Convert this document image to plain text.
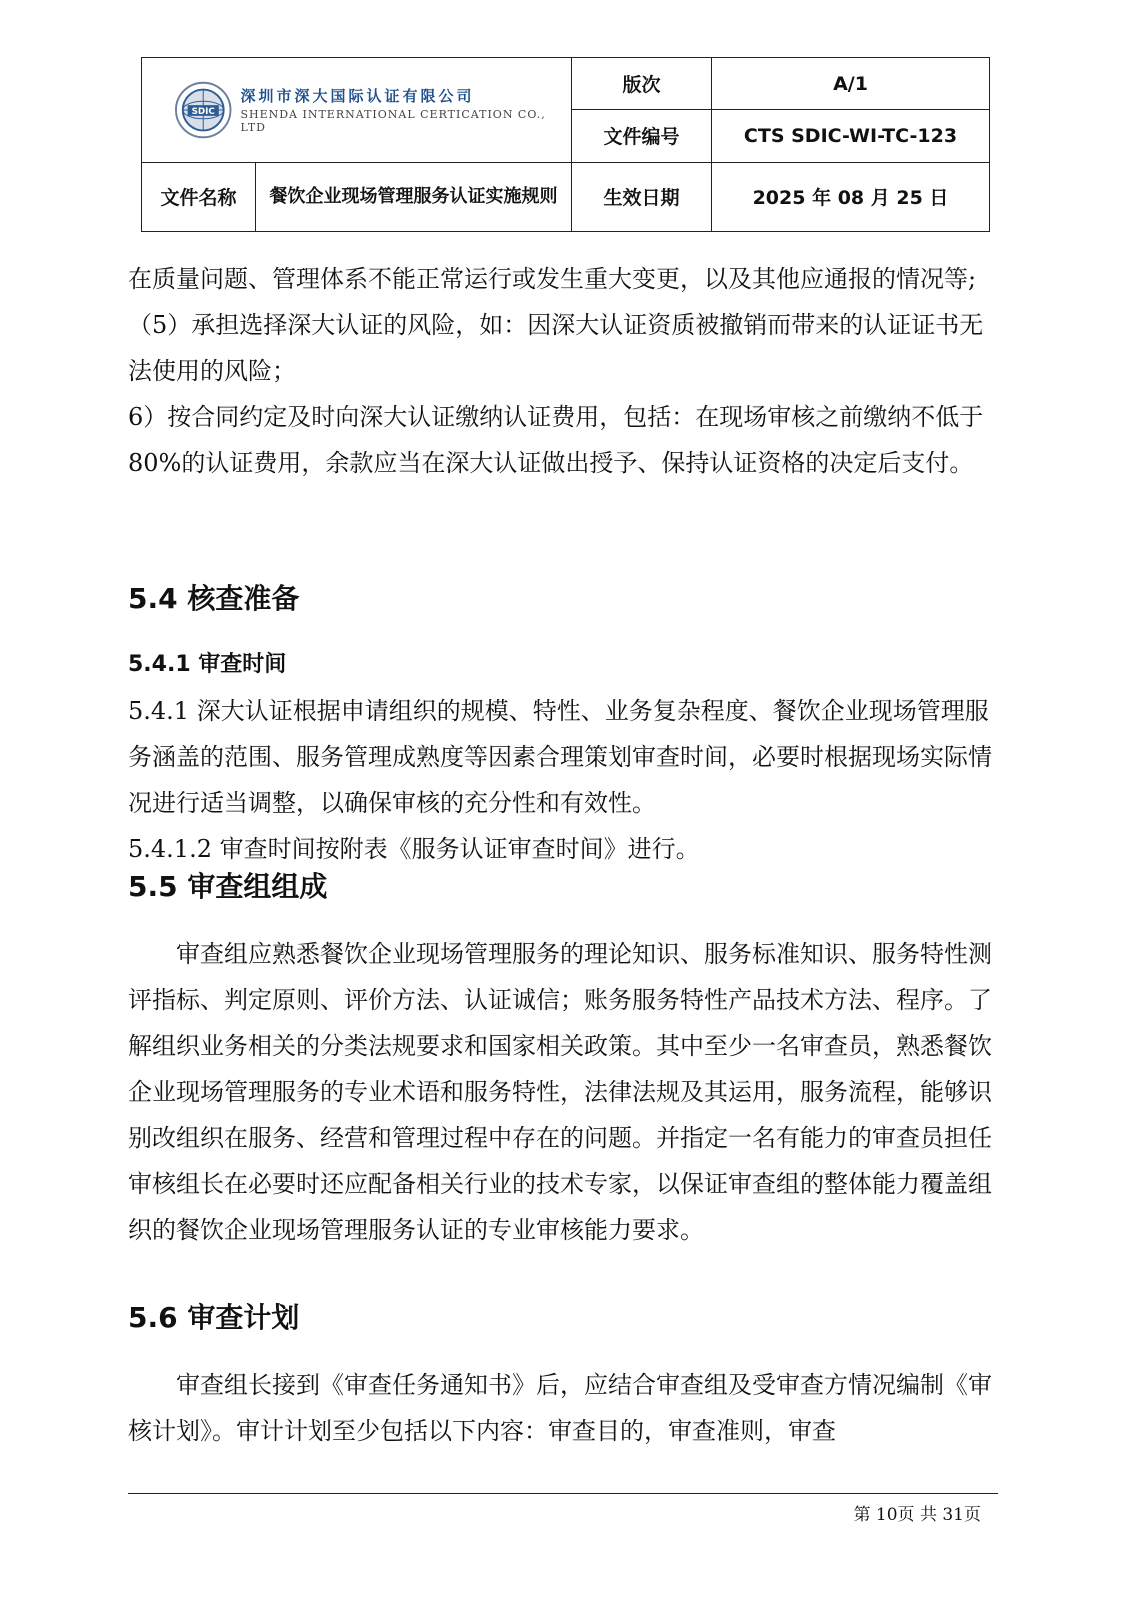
SDIC
深圳市深大国际认证有限公司
SHENDA INTERNATIONAL CERTICATION CO., LTD		版次	A/1
		文件编号	CTS SDIC-WI-TC-123
文件名称	餐饮企业现场管理服务认证实施规则	生效日期	2025 年 08 月 25 日

在质量问题、管理体系不能正常运行或发生重大变更，以及其他应通报的情况等;

（5）承担选择深大认证的风险，如：因深大认证资质被撤销而带来的认证证书无法使用的风险；

6）按合同约定及时向深大认证缴纳认证费用，包括：在现场审核之前缴纳不低于 80%的认证费用，余款应当在深大认证做出授予、保持认证资格的决定后支付。

5.4 核查准备
5.4.1 审查时间

5.4.1 深大认证根据申请组织的规模、特性、业务复杂程度、餐饮企业现场管理服务涵盖的范围、服务管理成熟度等因素合理策划审查时间，必要时根据现场实际情况进行适当调整，以确保审核的充分性和有效性。

5.4.1.2 审查时间按附表《服务认证审查时间》进行。

5.5 审查组组成

审查组应熟悉餐饮企业现场管理服务的理论知识、服务标准知识、服务特性测评指标、判定原则、评价方法、认证诚信；账务服务特性产品技术方法、程序。了解组织业务相关的分类法规要求和国家相关政策。其中至少一名审查员，熟悉餐饮企业现场管理服务的专业术语和服务特性，法律法规及其运用，服务流程，能够识别改组织在服务、经营和管理过程中存在的问题。并指定一名有能力的审查员担任审核组长在必要时还应配备相关行业的技术专家，以保证审查组的整体能力覆盖组织的餐饮企业现场管理服务认证的专业审核能力要求。

5.6 审查计划

审查组长接到《审查任务通知书》后，应结合审查组及受审查方情况编制《审核计划》。审计计划至少包括以下内容：审查目的，审查准则，审查

第 10页 共 31页
